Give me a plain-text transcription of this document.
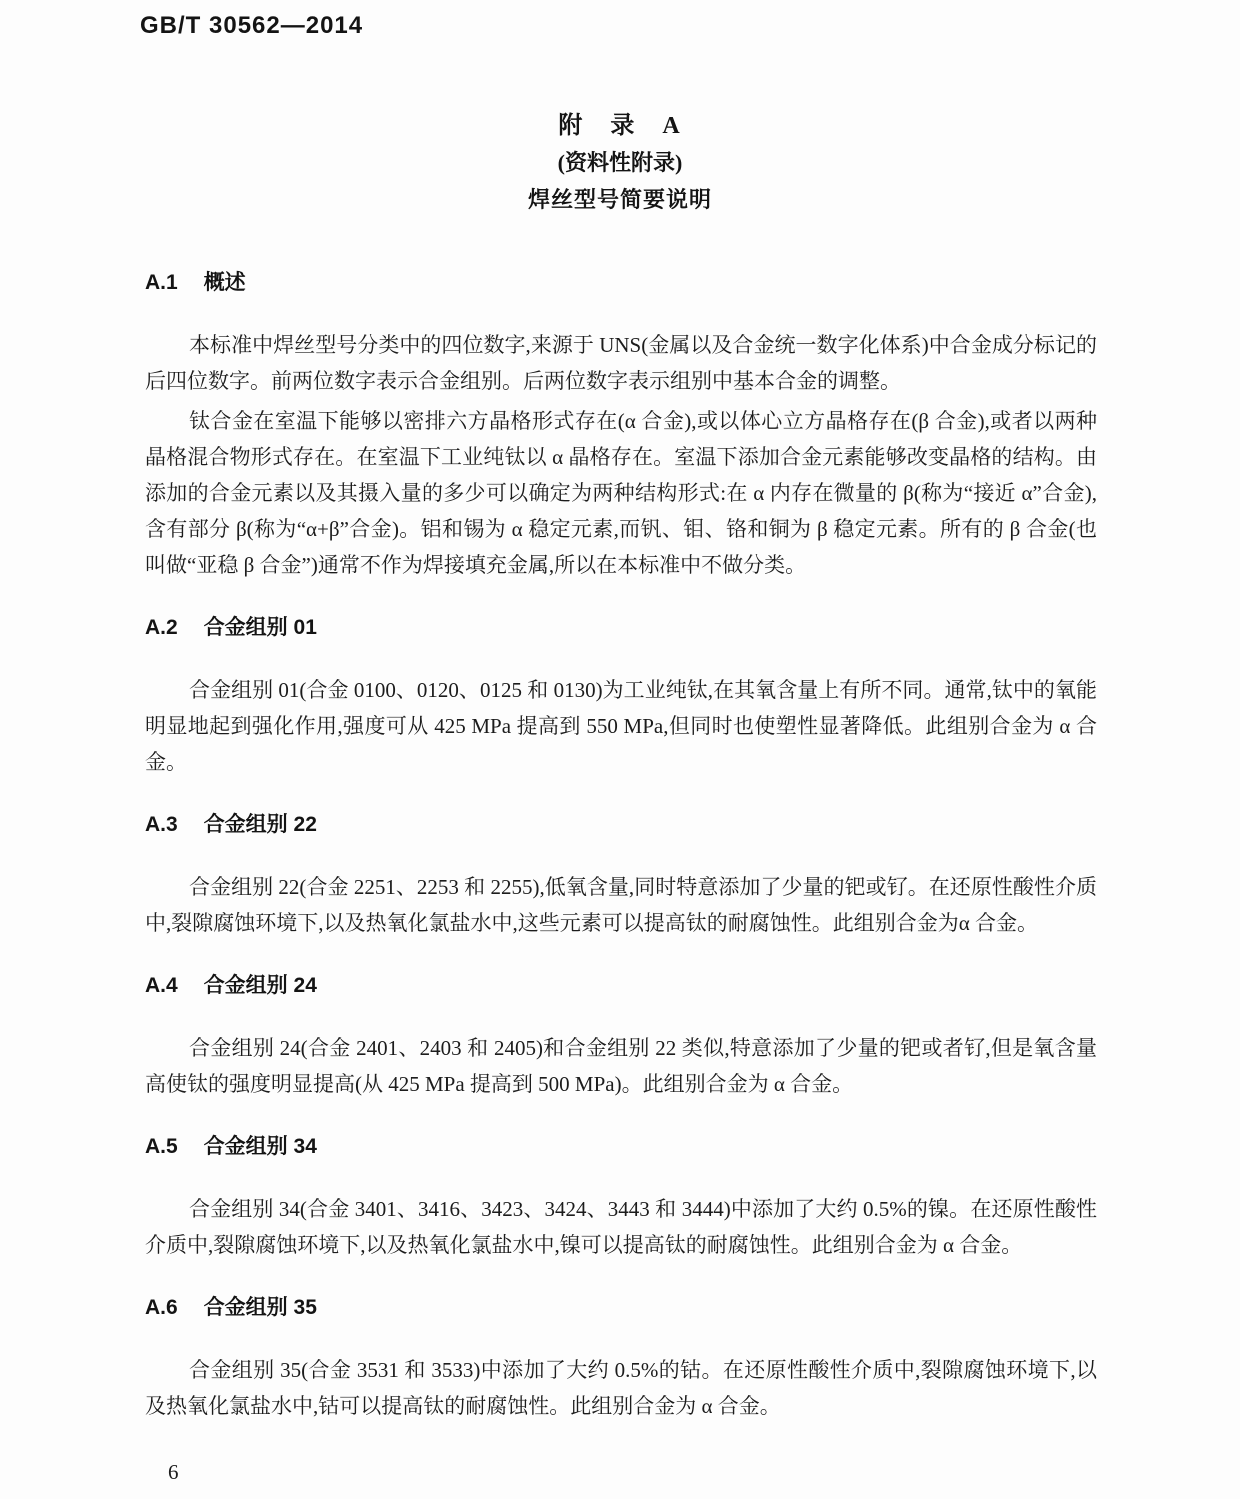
GB/T 30562—2014
附　录　A
(资料性附录)
焊丝型号简要说明
A.1 概述

本标准中焊丝型号分类中的四位数字,来源于 UNS(金属以及合金统一数字化体系)中合金成分标记的后四位数字。前两位数字表示合金组别。后两位数字表示组别中基本合金的调整。

钛合金在室温下能够以密排六方晶格形式存在(α 合金),或以体心立方晶格存在(β 合金),或者以两种晶格混合物形式存在。在室温下工业纯钛以 α 晶格存在。室温下添加合金元素能够改变晶格的结构。由添加的合金元素以及其摄入量的多少可以确定为两种结构形式:在 α 内存在微量的 β(称为“接近 α”合金),含有部分 β(称为“α+β”合金)。铝和锡为 α 稳定元素,而钒、钼、铬和铜为 β 稳定元素。所有的 β 合金(也叫做“亚稳 β 合金”)通常不作为焊接填充金属,所以在本标准中不做分类。

A.2 合金组别 01

合金组别 01(合金 0100、0120、0125 和 0130)为工业纯钛,在其氧含量上有所不同。通常,钛中的氧能明显地起到强化作用,强度可从 425 MPa 提高到 550 MPa,但同时也使塑性显著降低。此组别合金为 α 合金。

A.3 合金组别 22

合金组别 22(合金 2251、2253 和 2255),低氧含量,同时特意添加了少量的钯或钌。在还原性酸性介质中,裂隙腐蚀环境下,以及热氧化氯盐水中,这些元素可以提高钛的耐腐蚀性。此组别合金为α 合金。

A.4 合金组别 24

合金组别 24(合金 2401、2403 和 2405)和合金组别 22 类似,特意添加了少量的钯或者钌,但是氧含量高使钛的强度明显提高(从 425 MPa 提高到 500 MPa)。此组别合金为 α 合金。

A.5 合金组别 34

合金组别 34(合金 3401、3416、3423、3424、3443 和 3444)中添加了大约 0.5%的镍。在还原性酸性介质中,裂隙腐蚀环境下,以及热氧化氯盐水中,镍可以提高钛的耐腐蚀性。此组别合金为 α 合金。

A.6 合金组别 35

合金组别 35(合金 3531 和 3533)中添加了大约 0.5%的钴。在还原性酸性介质中,裂隙腐蚀环境下,以及热氧化氯盐水中,钴可以提高钛的耐腐蚀性。此组别合金为 α 合金。

6
